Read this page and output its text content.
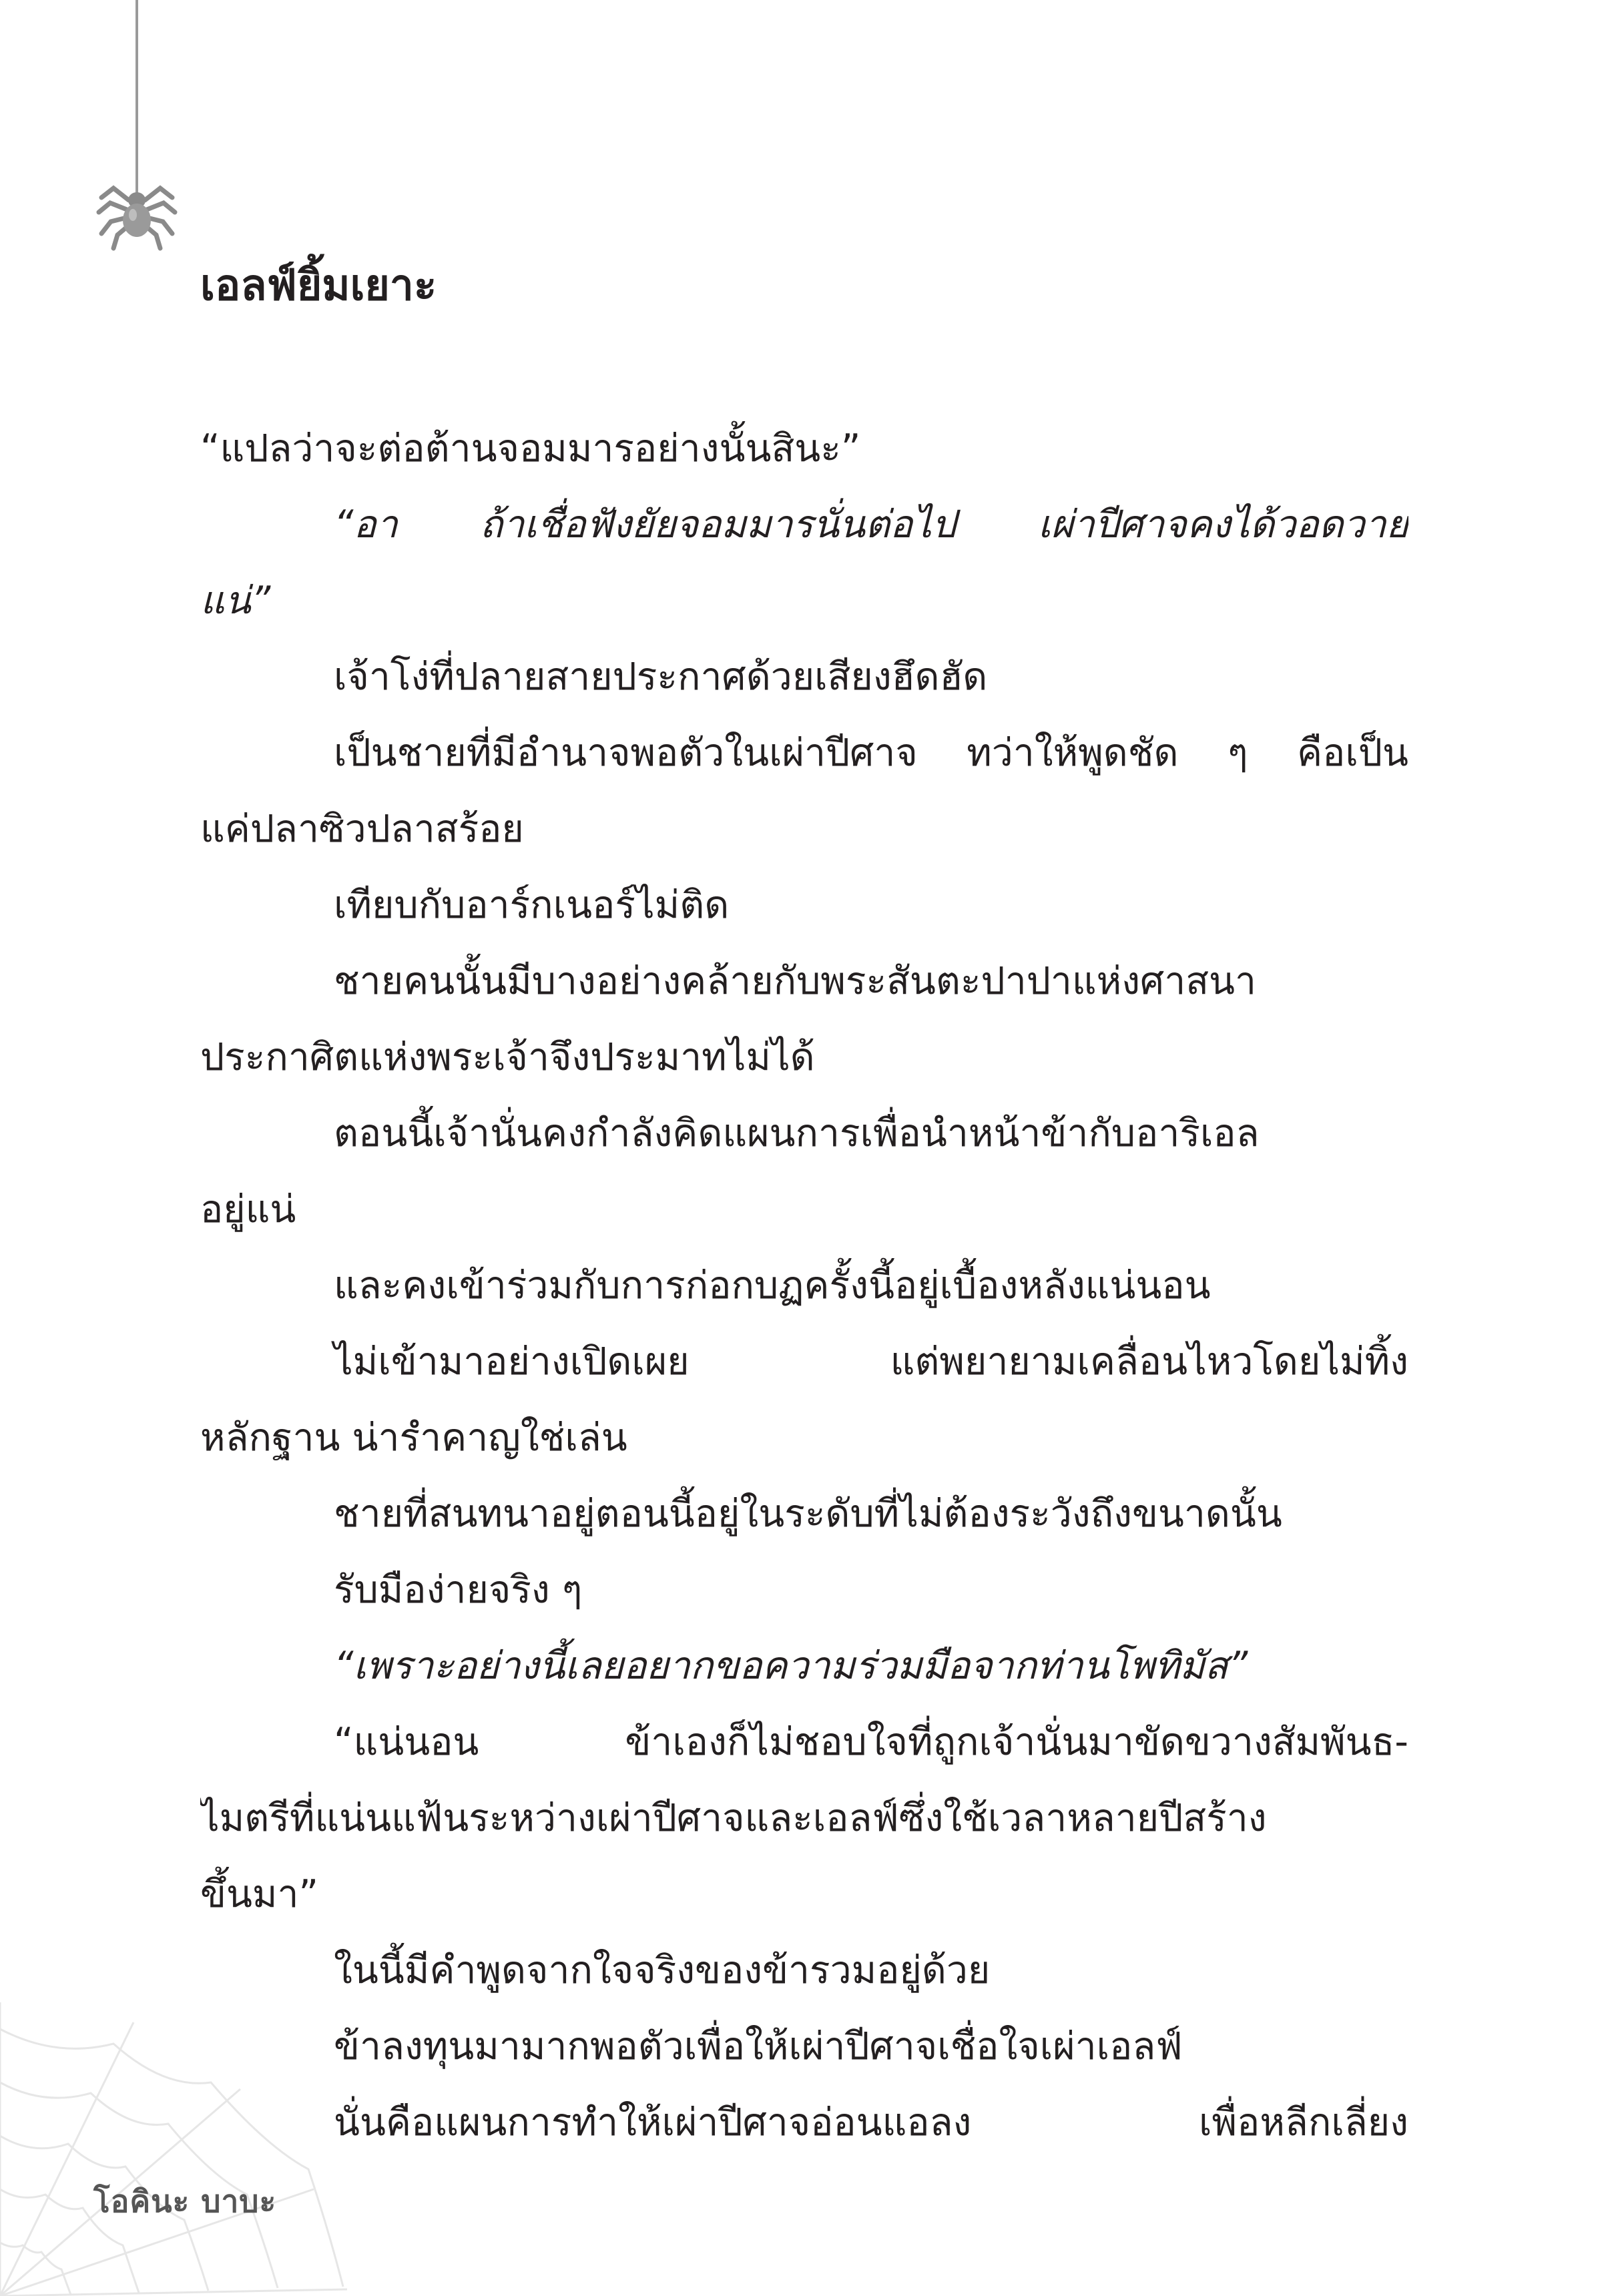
เอลฟ์ยิ้มเยาะ
“แปลว่าจะต่อต้านจอมมารอย่างนั้นสินะ”
“อา ถ้าเชื่อฟังยัยจอมมารนั่นต่อไป เผ่าปีศาจคงได้วอดวาย
แน่”
เจ้าโง่ที่ปลายสายประกาศด้วยเสียงฮึดฮัด
เป็นชายที่มีอำนาจพอตัวในเผ่าปีศาจ ทว่าให้พูดชัด ๆ คือเป็น
แค่ปลาซิวปลาสร้อย
เทียบกับอาร์กเนอร์ไม่ติด
ชายคนนั้นมีบางอย่างคล้ายกับพระสันตะปาปาแห่งศาสนา
ประกาศิตแห่งพระเจ้าจึงประมาทไม่ได้
ตอนนี้เจ้านั่นคงกำลังคิดแผนการเพื่อนำหน้าข้ากับอาริเอล
อยู่แน่
และคงเข้าร่วมกับการก่อกบฏครั้งนี้อยู่เบื้องหลังแน่นอน
ไม่เข้ามาอย่างเปิดเผย แต่พยายามเคลื่อนไหวโดยไม่ทิ้ง
หลักฐาน น่ารำคาญใช่เล่น
ชายที่สนทนาอยู่ตอนนี้อยู่ในระดับที่ไม่ต้องระวังถึงขนาดนั้น
รับมือง่ายจริง ๆ
“เพราะอย่างนี้เลยอยากขอความร่วมมือจากท่านโพทิมัส”
“แน่นอน ข้าเองก็ไม่ชอบใจที่ถูกเจ้านั่นมาขัดขวางสัมพันธ-
ไมตรีที่แน่นแฟ้นระหว่างเผ่าปีศาจและเอลฟ์ซึ่งใช้เวลาหลายปีสร้าง
ขึ้นมา”
ในนี้มีคำพูดจากใจจริงของข้ารวมอยู่ด้วย
ข้าลงทุนมามากพอตัวเพื่อให้เผ่าปีศาจเชื่อใจเผ่าเอลฟ์
นั่นคือแผนการทำให้เผ่าปีศาจอ่อนแอลง เพื่อหลีกเลี่ยง
โอคินะ บาบะ
